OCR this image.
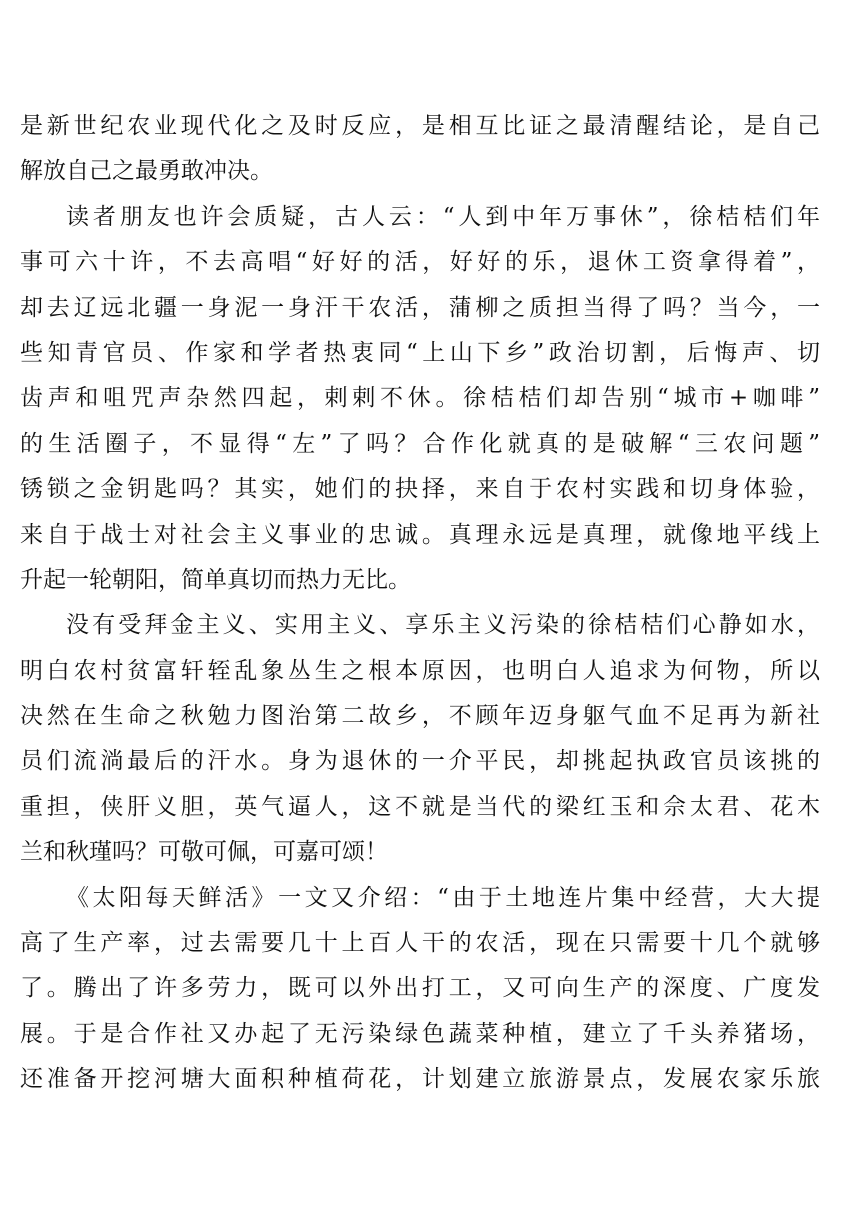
是新世纪农业现代化之及时反应，是相互比证之最清醒结论，是自己
解放自己之最勇敢冲决。
读者朋友也许会质疑，古人云：“人到中年万事休”，徐桔桔们年
事可六十许，不去高唱“好好的活，好好的乐，退休工资拿得着”，
却去辽远北疆一身泥一身汗干农活，蒲柳之质担当得了吗？当今，一
些知青官员、作家和学者热衷同“上山下乡”政治切割，后悔声、切
齿声和咀咒声杂然四起，剌剌不休。徐桔桔们却告别“城市+咖啡”
的生活圈子，不显得“左”了吗？合作化就真的是破解“三农问题”
锈锁之金钥匙吗？其实，她们的抉择，来自于农村实践和切身体验，
来自于战士对社会主义事业的忠诚。真理永远是真理，就像地平线上
升起一轮朝阳，简单真切而热力无比。
没有受拜金主义、实用主义、享乐主义污染的徐桔桔们心静如水，
明白农村贫富轩轾乱象丛生之根本原因，也明白人追求为何物，所以
决然在生命之秋勉力图治第二故乡，不顾年迈身躯气血不足再为新社
员们流淌最后的汗水。身为退休的一介平民，却挑起执政官员该挑的
重担，侠肝义胆，英气逼人，这不就是当代的梁红玉和佘太君、花木
兰和秋瑾吗？可敬可佩，可嘉可颂！
《太阳每天鲜活》一文又介绍：“由于土地连片集中经营，大大提
高了生产率，过去需要几十上百人干的农活，现在只需要十几个就够
了。腾出了许多劳力，既可以外出打工，又可向生产的深度、广度发
展。于是合作社又办起了无污染绿色蔬菜种植，建立了千头养猪场，
还准备开挖河塘大面积种植荷花，计划建立旅游景点，发展农家乐旅
